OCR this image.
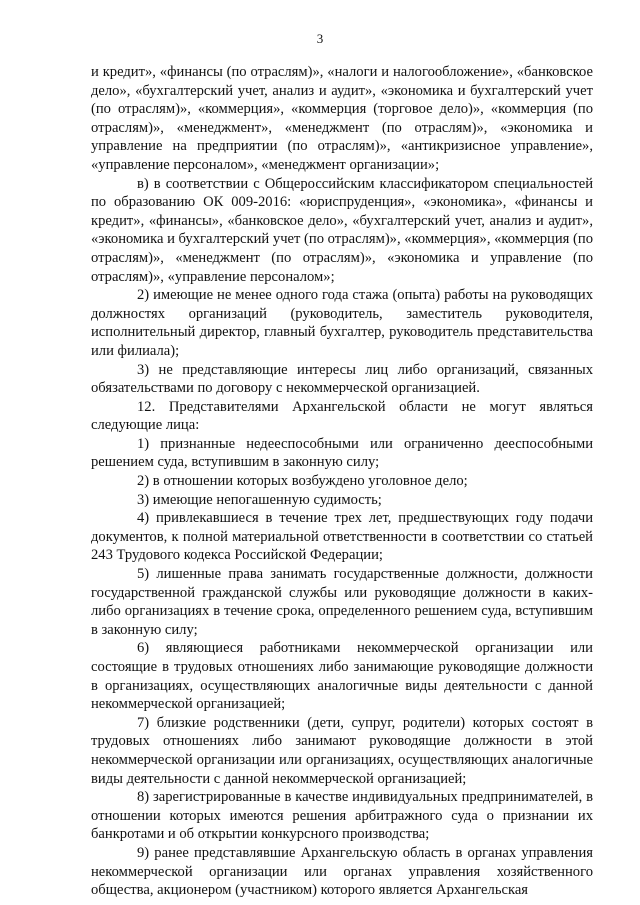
3

и кредит», «финансы (по отраслям)», «налоги и налогообложение», «банковское дело», «бухгалтерский учет, анализ и аудит», «экономика и бухгалтерский учет (по отраслям)», «коммерция», «коммерция (торговое дело)», «коммерция (по отраслям)», «менеджмент», «менеджмент (по отраслям)», «экономика и управление на предприятии (по отраслям)», «антикризисное управление», «управление персоналом», «менеджмент организации»;

в) в соответствии с Общероссийским классификатором специальностей по образованию ОК 009-2016: «юриспруденция», «экономика», «финансы и кредит», «финансы», «банковское дело», «бухгалтерский учет, анализ и аудит», «экономика и бухгалтерский учет (по отраслям)», «коммерция», «коммерция (по отраслям)», «менеджмент (по отраслям)», «экономика и управление (по отраслям)», «управление персоналом»;

2) имеющие не менее одного года стажа (опыта) работы на руководящих должностях организаций (руководитель, заместитель руководителя, исполнительный директор, главный бухгалтер, руководитель представительства или филиала);

3) не представляющие интересы лиц либо организаций, связанных обязательствами по договору с некоммерческой организацией.

12. Представителями Архангельской области не могут являться следующие лица:

1) признанные недееспособными или ограниченно дееспособными решением суда, вступившим в законную силу;

2) в отношении которых возбуждено уголовное дело;

3) имеющие непогашенную судимость;

4) привлекавшиеся в течение трех лет, предшествующих году подачи документов, к полной материальной ответственности в соответствии со статьей 243 Трудового кодекса Российской Федерации;

5) лишенные права занимать государственные должности, должности государственной гражданской службы или руководящие должности в каких-либо организациях в течение срока, определенного решением суда, вступившим в законную силу;

6) являющиеся работниками некоммерческой организации или состоящие в трудовых отношениях либо занимающие руководящие должности в организациях, осуществляющих аналогичные виды деятельности с данной некоммерческой организацией;

7) близкие родственники (дети, супруг, родители) которых состоят в трудовых отношениях либо занимают руководящие должности в этой некоммерческой организации или организациях, осуществляющих аналогичные виды деятельности с данной некоммерческой организацией;

8) зарегистрированные в качестве индивидуальных предпринимателей, в отношении которых имеются решения арбитражного суда о признании их банкротами и об открытии конкурсного производства;

9) ранее представлявшие Архангельскую область в органах управления некоммерческой организации или органах управления хозяйственного общества, акционером (участником) которого является Архангельская
